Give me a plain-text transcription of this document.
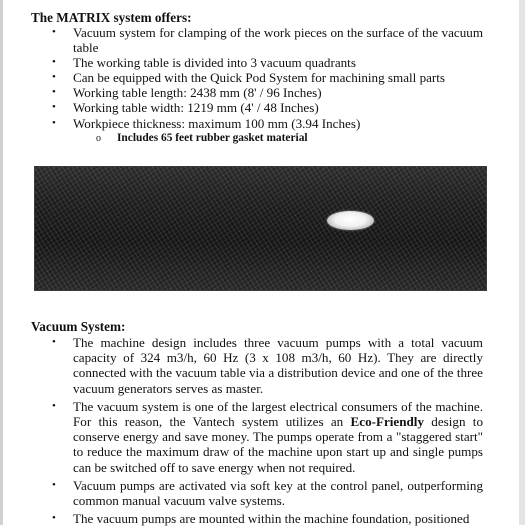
The MATRIX system offers:
• Vacuum system for clamping of the work pieces on the surface of the vacuum table
• The working table is divided into 3 vacuum quadrants
• Can be equipped with the Quick Pod System for machining small parts
• Working table length: 2438 mm (8' / 96 Inches)
• Working table width: 1219 mm (4' / 48 Inches)
• Workpiece thickness: maximum 100 mm (3.94 Inches)
o Includes 65 feet rubber gasket material
Vacuum System:
• The machine design includes three vacuum pumps with a total vacuum capacity of 324 m3/h, 60 Hz (3 x 108 m3/h, 60 Hz). They are directly connected with the vacuum table via a distribution device and one of the three vacuum generators serves as master.
• The vacuum system is one of the largest electrical consumers of the machine. For this reason, the Vantech system utilizes an Eco-Friendly design to conserve energy and save money. The pumps operate from a "staggered start" to reduce the maximum draw of the machine upon start up and single pumps can be switched off to save energy when not required.
• Vacuum pumps are activated via soft key at the control panel, outperforming common manual vacuum valve systems.
• The vacuum pumps are mounted within the machine foundation, positioned
